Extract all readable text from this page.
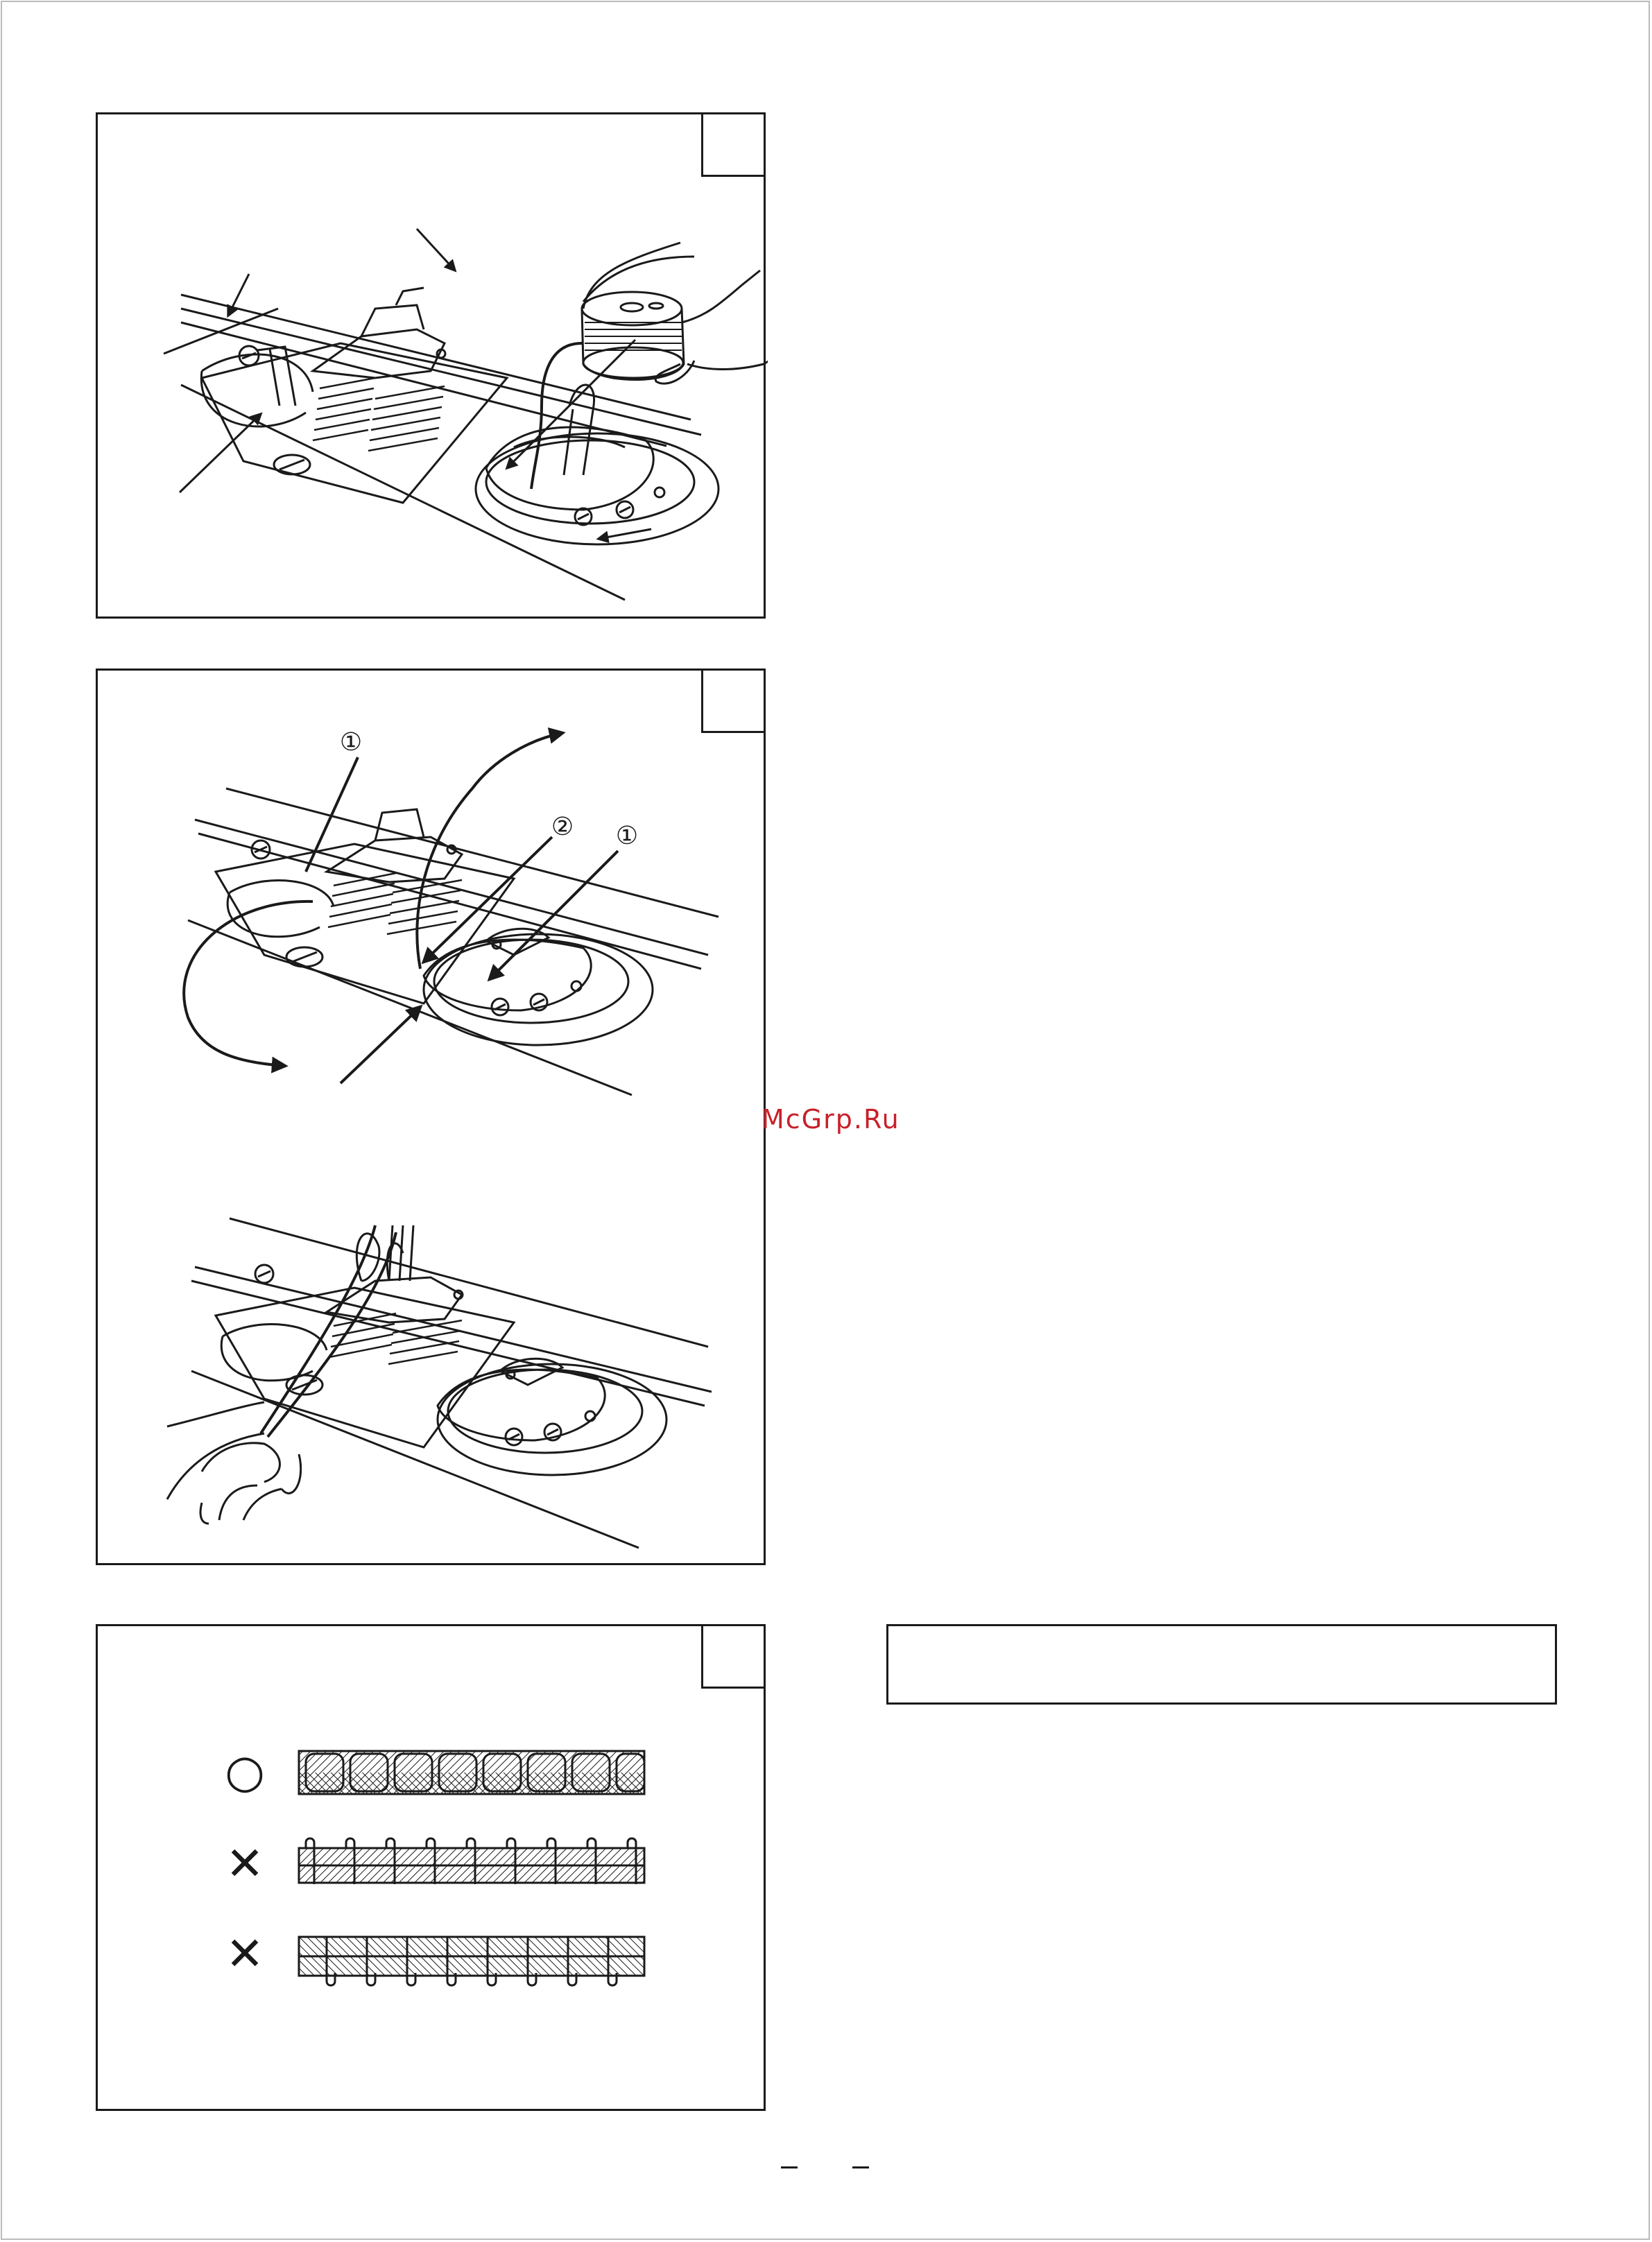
①
② ①
○
✕
✕
McGrp.Ru
